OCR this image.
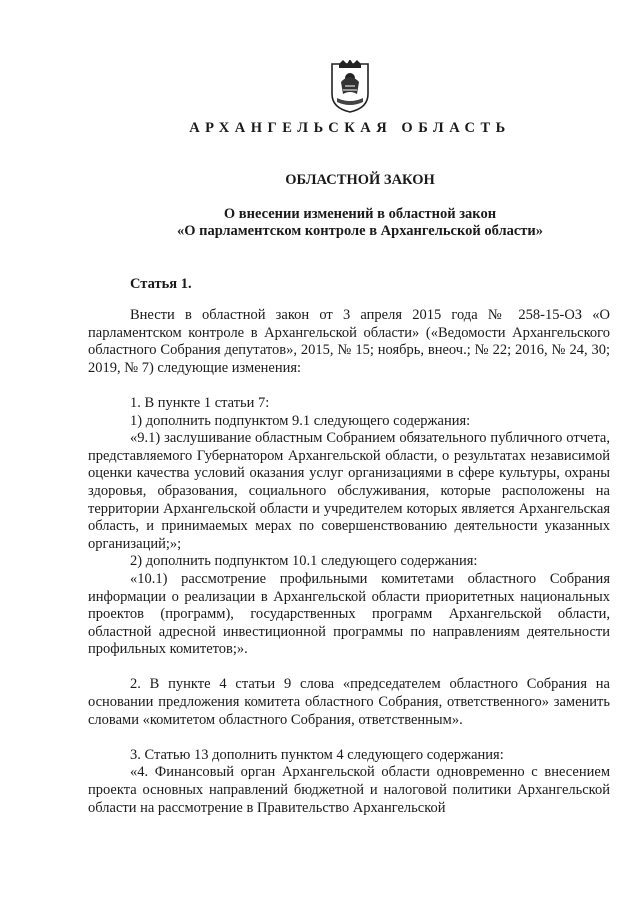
АРХАНГЕЛЬСКАЯ ОБЛАСТЬ
ОБЛАСТНОЙ ЗАКОН
О внесении изменений в областной закон
«О парламентском контроле в Архангельской области»
Статья 1.

Внести в областной закон от 3 апреля 2015 года № 258-15-ОЗ «О парламентском контроле в Архангельской области» («Ведомости Архангельского областного Собрания депутатов», 2015, № 15; ноябрь, внеоч.; № 22; 2016, № 24, 30; 2019, № 7) следующие изменения:

1. В пункте 1 статьи 7:

1) дополнить подпунктом 9.1 следующего содержания:

«9.1) заслушивание областным Собранием обязательного публичного отчета, представляемого Губернатором Архангельской области, о результатах независимой оценки качества условий оказания услуг организациями в сфере культуры, охраны здоровья, образования, социального обслуживания, которые расположены на территории Архангельской области и учредителем которых является Архангельская область, и принимаемых мерах по совершенствованию деятельности указанных организаций;»;

2) дополнить подпунктом 10.1 следующего содержания:

«10.1) рассмотрение профильными комитетами областного Собрания информации о реализации в Архангельской области приоритетных национальных проектов (программ), государственных программ Архангельской области, областной адресной инвестиционной программы по направлениям деятельности профильных комитетов;».

2. В пункте 4 статьи 9 слова «председателем областного Собрания на основании предложения комитета областного Собрания, ответственного» заменить словами «комитетом областного Собрания, ответственным».

3. Статью 13 дополнить пунктом 4 следующего содержания:

«4. Финансовый орган Архангельской области одновременно с внесением проекта основных направлений бюджетной и налоговой политики Архангельской области на рассмотрение в Правительство Архангельской
